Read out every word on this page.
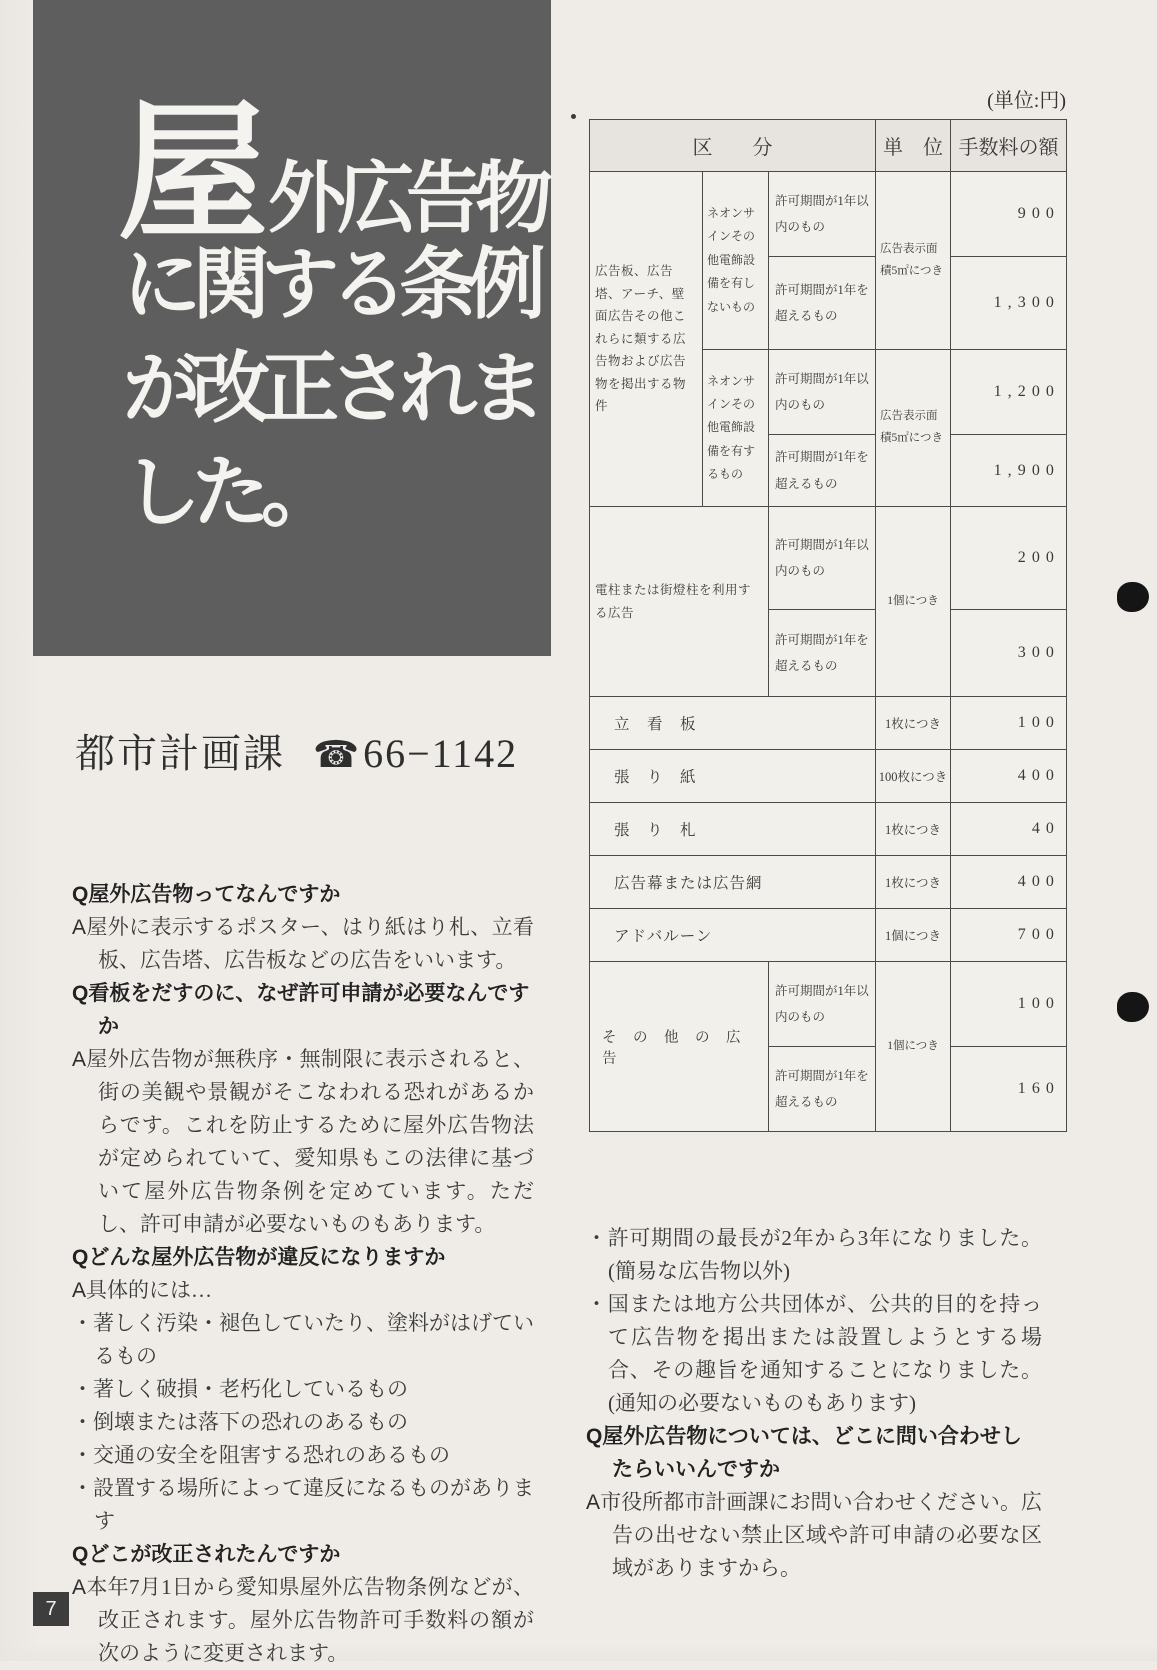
屋外広告物
に関する条例
が改正されま
した。
都市計画課 ☎66−1142

Q屋外広告物ってなんですか

A屋外に表示するポスター、はり紙はり札、立看板、広告塔、広告板などの広告をいいます。

Q看板をだすのに、なぜ許可申請が必要なんですか

A屋外広告物が無秩序・無制限に表示されると、街の美観や景観がそこなわれる恐れがあるからです。これを防止するために屋外広告物法が定められていて、愛知県もこの法律に基づいて屋外広告物条例を定めています。ただし、許可申請が必要ないものもあります。

Qどんな屋外広告物が違反になりますか

A具体的には…

・著しく汚染・褪色していたり、塗料がはげているもの

・著しく破損・老朽化しているもの

・倒壊または落下の恐れのあるもの

・交通の安全を阻害する恐れのあるもの

・設置する場所によって違反になるものがあります

Qどこが改正されたんですか

A本年7月1日から愛知県屋外広告物条例などが、改正されます。屋外広告物許可手数料の額が次のように変更されます。

(単位:円)
区　　分			単　位	手数料の額
広告板、広告塔、アーチ、壁面広告その他これらに類する広告物および広告物を掲出する物件	ネオンサインその他電飾設備を有しないもの	許可期間が1年以内のもの	広告表示面積5㎡につき	900
		許可期間が1年を超えるもの		1,300
	ネオンサインその他電飾設備を有するもの	許可期間が1年以内のもの	広告表示面積5㎡につき	1,200
		許可期間が1年を超えるもの		1,900
電柱または街燈柱を利用する広告		許可期間が1年以内のもの	1個につき	200
		許可期間が1年を超えるもの		300
立　看　板			1枚につき	100
張　り　紙			100枚につき	400
張　り　札			1枚につき	40
広告幕または広告網			1枚につき	400
アドバルーン			1個につき	700
そ　の　他　の　広　告		許可期間が1年以内のもの	1個につき	100
		許可期間が1年を超えるもの		160

・許可期間の最長が2年から3年になりました。(簡易な広告物以外)

・国または地方公共団体が、公共的目的を持って広告物を掲出または設置しようとする場合、その趣旨を通知することになりました。(通知の必要ないものもあります)

Q屋外広告物については、どこに問い合わせしたらいいんですか

A市役所都市計画課にお問い合わせください。広告の出せない禁止区域や許可申請の必要な区域がありますから。

7
